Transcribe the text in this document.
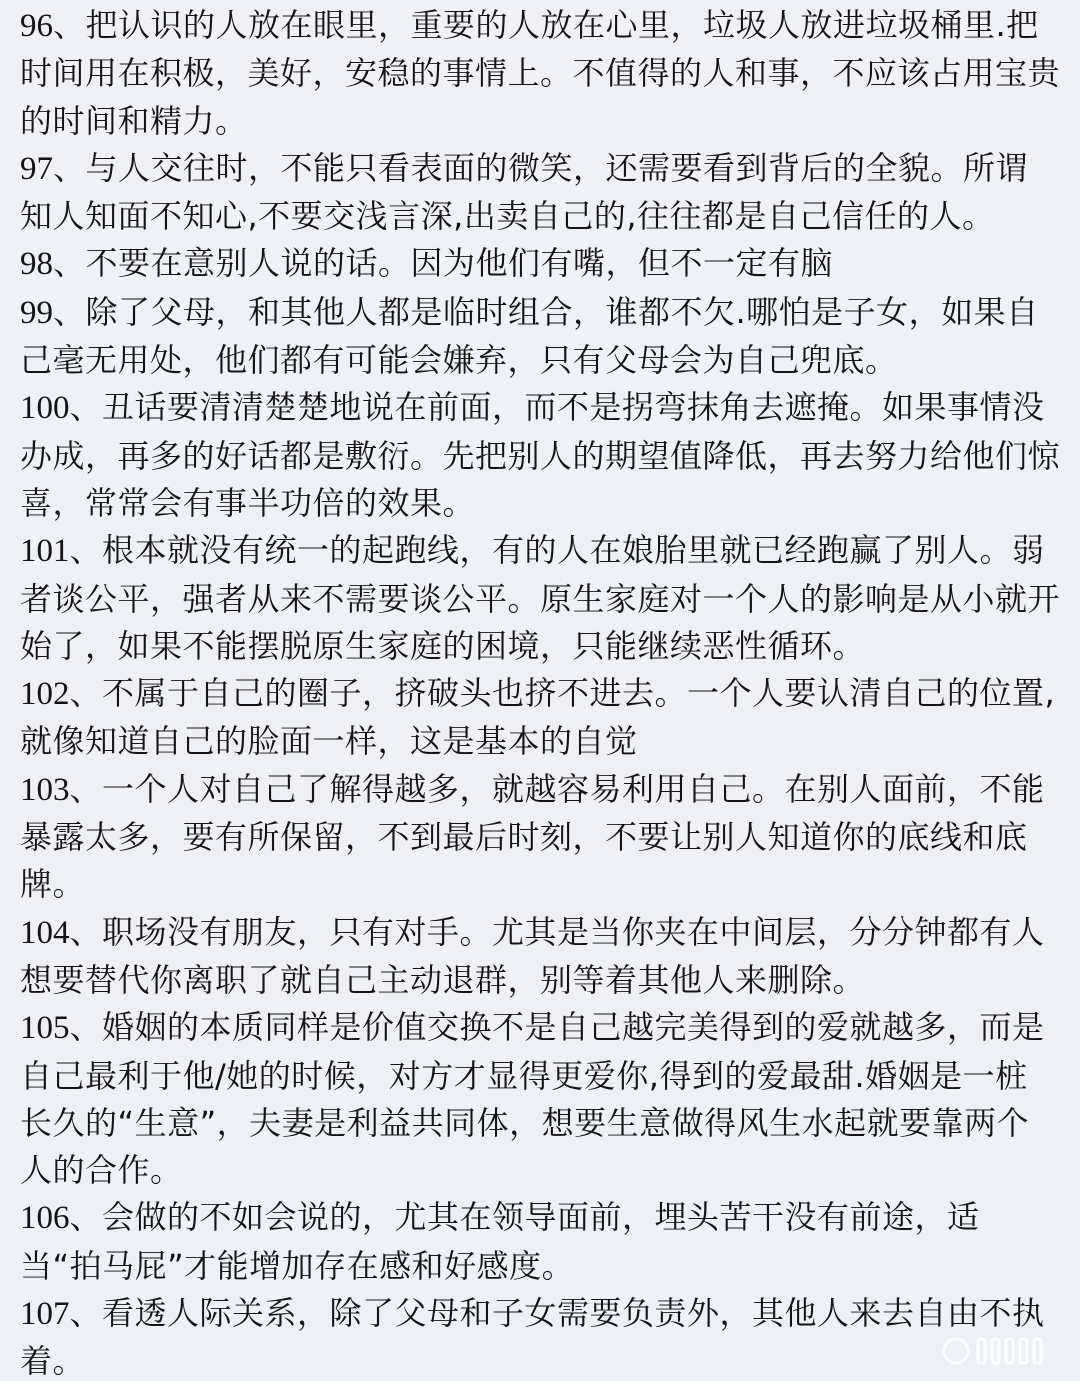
96、把认识的人放在眼里，重要的人放在心里，垃圾人放进垃圾桶里.把时间用在积极，美好，安稳的事情上。不值得的人和事，不应该占用宝贵的时间和精力。

97、与人交往时，不能只看表面的微笑，还需要看到背后的全貌。所谓知人知面不知心,不要交浅言深,出卖自己的,往往都是自己信任的人。

98、不要在意别人说的话。因为他们有嘴，但不一定有脑

99、除了父母，和其他人都是临时组合，谁都不欠.哪怕是子女，如果自己毫无用处，他们都有可能会嫌弃，只有父母会为自己兜底。

100、丑话要清清楚楚地说在前面，而不是拐弯抹角去遮掩。如果事情没办成，再多的好话都是敷衍。先把别人的期望值降低，再去努力给他们惊喜，常常会有事半功倍的效果。

101、根本就没有统一的起跑线，有的人在娘胎里就已经跑赢了别人。弱者谈公平，强者从来不需要谈公平。原生家庭对一个人的影响是从小就开始了，如果不能摆脱原生家庭的困境，只能继续恶性循环。

102、不属于自己的圈子，挤破头也挤不进去。一个人要认清自己的位置,就像知道自己的脸面一样，这是基本的自觉

103、一个人对自己了解得越多，就越容易利用自己。在别人面前，不能暴露太多，要有所保留，不到最后时刻，不要让别人知道你的底线和底牌。

104、职场没有朋友，只有对手。尤其是当你夹在中间层，分分钟都有人想要替代你离职了就自己主动退群，别等着其他人来删除。

105、婚姻的本质同样是价值交换不是自己越完美得到的爱就越多，而是自己最利于他/她的时候，对方才显得更爱你,得到的爱最甜.婚姻是一桩长久的“生意”，夫妻是利益共同体，想要生意做得风生水起就要靠两个人的合作。

106、会做的不如会说的，尤其在领导面前，埋头苦干没有前途，适当“拍马屁”才能增加存在感和好感度。

107、看透人际关系，除了父母和子女需要负责外，其他人来去自由不执着。
